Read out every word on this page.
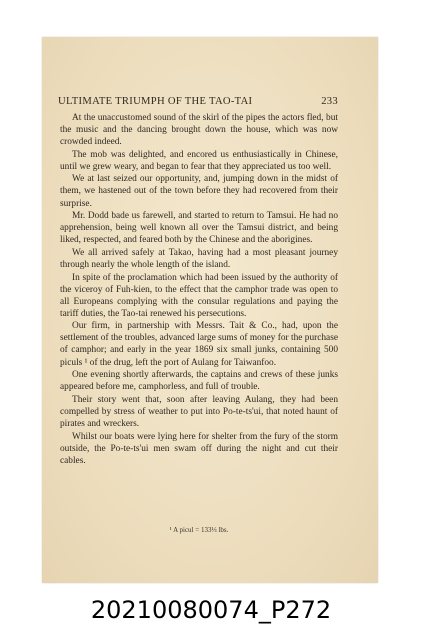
ULTIMATE TRIUMPH OF THE TAO-TAI	233

At the unaccustomed sound of the skirl of the pipes the actors fled, but the music and the dancing brought down the house, which was now crowded indeed.

The mob was delighted, and encored us enthusiastically in Chinese, until we grew weary, and began to fear that they appreciated us too well.

We at last seized our opportunity, and, jumping down in the midst of them, we hastened out of the town before they had recovered from their surprise.

Mr. Dodd bade us farewell, and started to return to Tamsui. He had no apprehension, being well known all over the Tamsui district, and being liked, respected, and feared both by the Chinese and the aborigines.

We all arrived safely at Takao, having had a most pleasant journey through nearly the whole length of the island.

In spite of the proclamation which had been issued by the authority of the viceroy of Fuh-kien, to the effect that the camphor trade was open to all Europeans complying with the consular regulations and paying the tariff duties, the Tao-tai renewed his persecutions.

Our firm, in partnership with Messrs. Tait & Co., had, upon the settlement of the troubles, advanced large sums of money for the purchase of camphor; and early in the year 1869 six small junks, containing 500 piculs ¹ of the drug, left the port of Aulang for Taiwanfoo.

One evening shortly afterwards, the captains and crews of these junks appeared before me, camphorless, and full of trouble.

Their story went that, soon after leaving Aulang, they had been compelled by stress of weather to put into Po-te-ts'ui, that noted haunt of pirates and wreckers.

Whilst our boats were lying here for shelter from the fury of the storm outside, the Po-te-ts'ui men swam off during the night and cut their cables.

¹ A picul = 133⅓ lbs.
20210080074_P272
